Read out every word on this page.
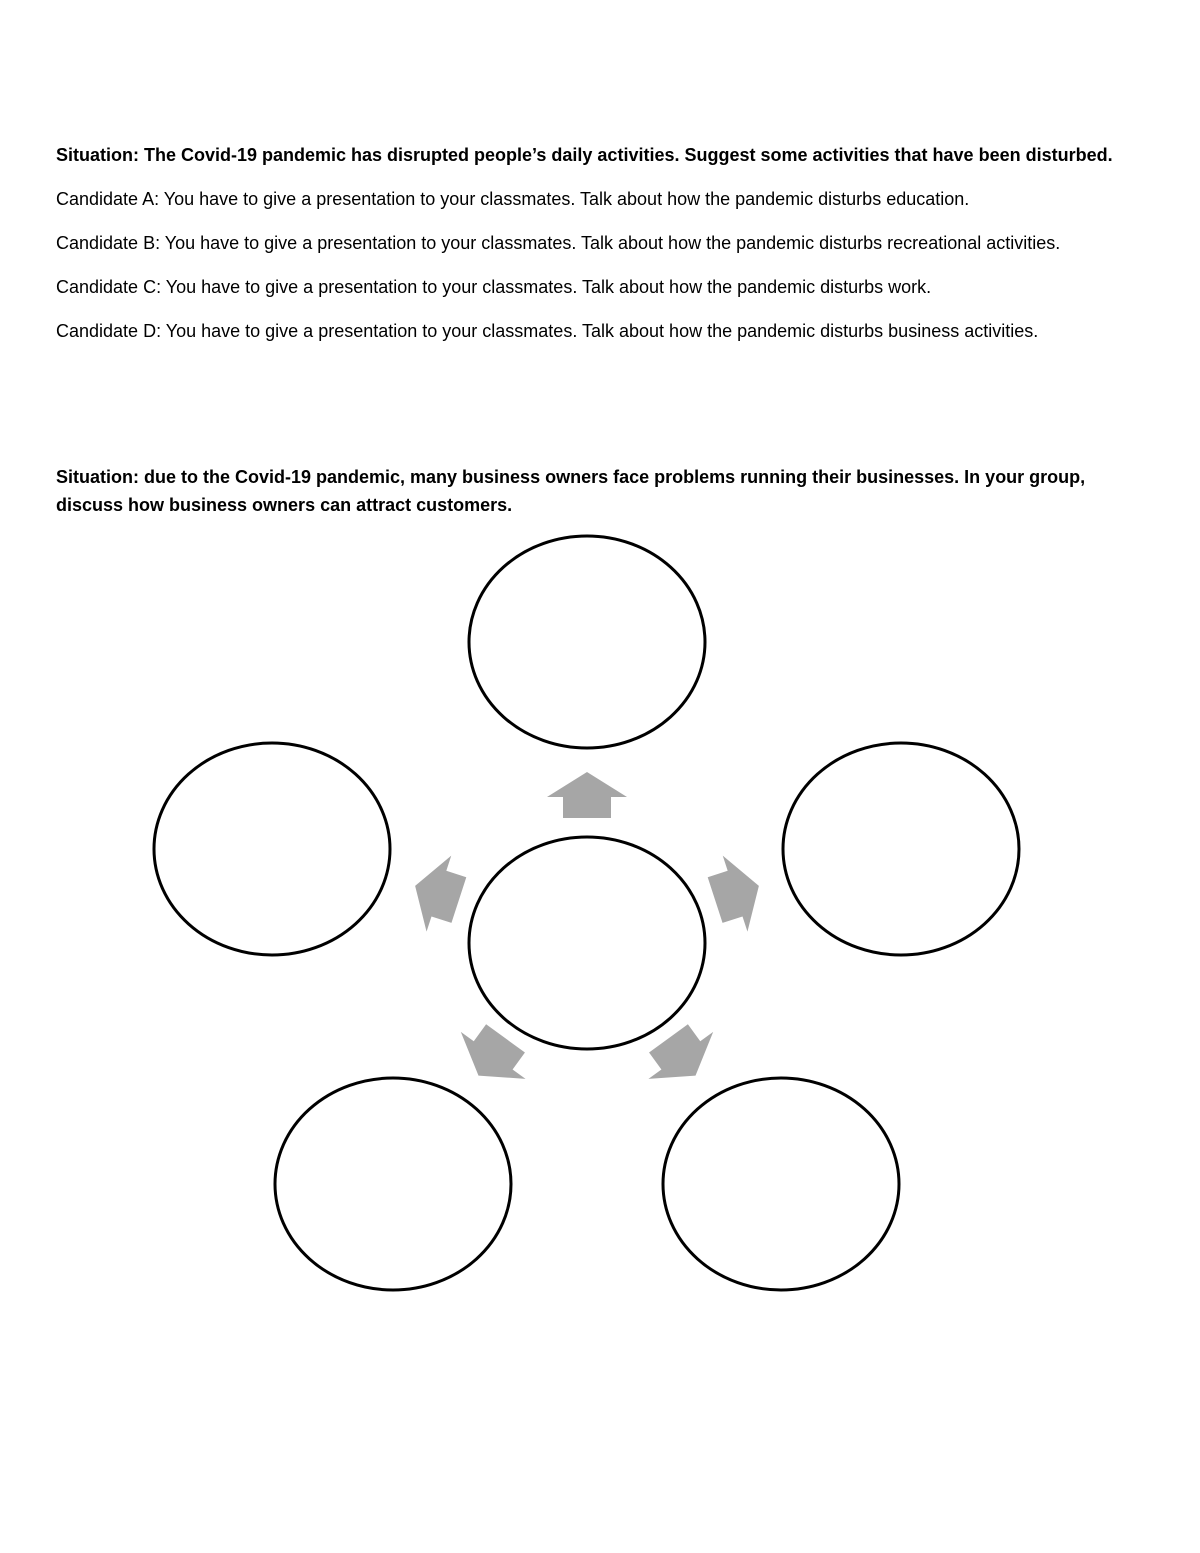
Situation: The Covid-19 pandemic has disrupted people’s daily activities. Suggest some activities that have been disturbed.

Candidate A: You have to give a presentation to your classmates. Talk about how the pandemic disturbs education.

Candidate B: You have to give a presentation to your classmates. Talk about how the pandemic disturbs recreational activities.

Candidate C: You have to give a presentation to your classmates. Talk about how the pandemic disturbs work.

Candidate D: You have to give a presentation to your classmates. Talk about how the pandemic disturbs business activities.

Situation: due to the Covid-19 pandemic, many business owners face problems running their businesses. In your group, discuss how business owners can attract customers.
